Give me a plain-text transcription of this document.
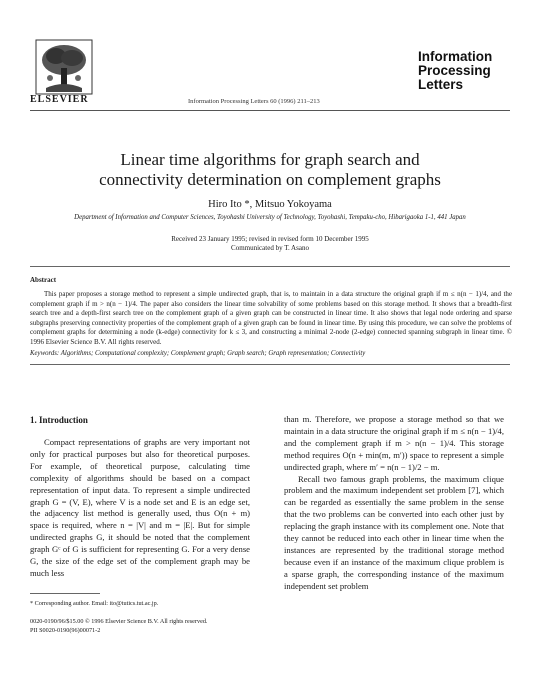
ELSEVIER	Information Processing Letters 60 (1996) 211–213
Information
Processing
Letters
Linear time algorithms for graph search and
connectivity determination on complement graphs
Hiro Ito *, Mitsuo Yokoyama
Department of Information and Computer Sciences, Toyohashi University of Technology, Toyohashi, Tempaku-cho, Hibarigaoka 1-1, 441 Japan
Received 23 January 1995; revised in revised form 10 December 1995
Communicated by T. Asano
Abstract

This paper proposes a storage method to represent a simple undirected graph, that is, to maintain in a data structure the original graph if m ≤ n(n − 1)/4, and the complement graph if m > n(n − 1)/4. The paper also considers the linear time solvability of some problems based on this storage method. It shows that a breadth-first search tree and a depth-first search tree on the complement graph of a given graph can be constructed in linear time. It also shows that legal node ordering and sparse subgraphs preserving connectivity properties of the complement graph of a given graph can be found in linear time. By using this procedure, we can solve the problems of complement graphs for determining a node (k-edge) connectivity for k ≤ 3, and constructing a minimal 2-node (2-edge) connected spanning subgraph in linear time. © 1996 Elsevier Science B.V. All rights reserved.

Keywords: Algorithms; Computational complexity; Complement graph; Graph search; Graph representation; Connectivity
1. Introduction

Compact representations of graphs are very important not only for practical purposes but also for theoretical purposes. For example, of theoretical purpose, calculating time complexity of algorithms should be based on a compact representation of input data. To represent a simple undirected graph G = (V, E), where V is a node set and E is an edge set, the adjacency list method is generally used, thus O(n + m) space is required, where n = |V| and m = |E|. But for simple undirected graphs G, it should be noted that the complement graph Gᶜ of G is sufficient for representing G. For a very dense G, the size of the edge set of the complement graph may be much less

than m. Therefore, we propose a storage method so that we maintain in a data structure the original graph if m ≤ n(n − 1)/4, and the complement graph if m > n(n − 1)/4. This storage method requires O(n + min(m, m′)) space to represent a simple undirected graph, where m′ = n(n − 1)/2 − m.

Recall two famous graph problems, the maximum clique problem and the maximum independent set problem [7], which can be regarded as essentially the same problem in the sense that the two problems can be converted into each other just by replacing the graph instance with its complement one. Note that they cannot be reduced into each other in linear time when the instances are represented by the traditional storage method because even if an instance of the maximum clique problem is a sparse graph, the corresponding instance of the maximum independent set problem

* Corresponding author. Email: ito@tutics.tut.ac.jp.
0020-0190/96/$15.00 © 1996 Elsevier Science B.V. All rights reserved.
PII S0020-0190(96)00071-2
